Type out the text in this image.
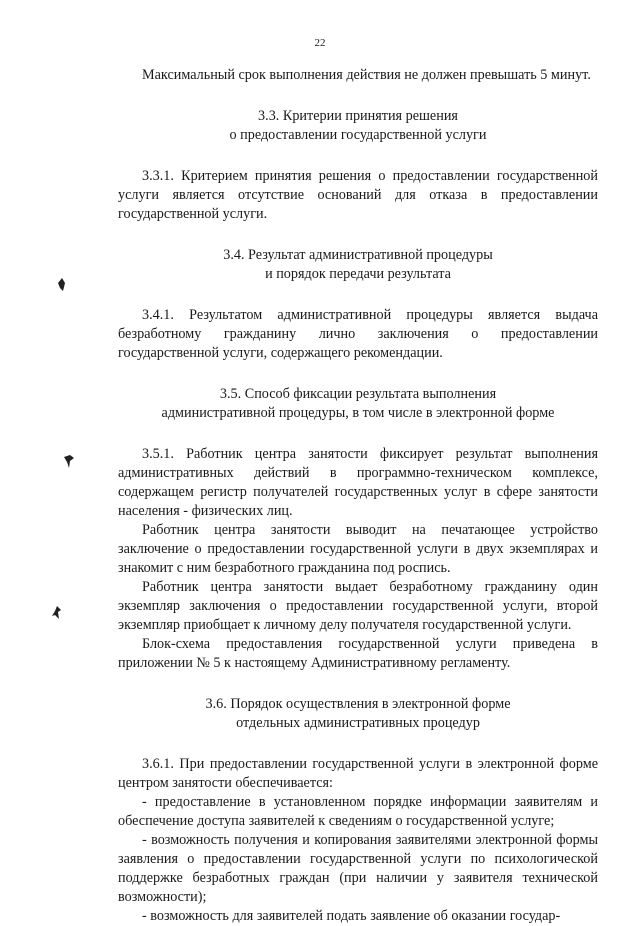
22

Максимальный срок выполнения действия не должен превышать 5 минут.

3.3. Критерии принятия решения
о предоставлении государственной услуги

3.3.1. Критерием принятия решения о предоставлении государственной услуги является отсутствие оснований для отказа в предоставлении государственной услуги.

3.4. Результат административной процедуры
и порядок передачи результата

3.4.1. Результатом административной процедуры является выдача безработному гражданину лично заключения о предоставлении государственной услуги, содержащего рекомендации.

3.5. Способ фиксации результата выполнения
административной процедуры, в том числе в электронной форме

3.5.1. Работник центра занятости фиксирует результат выполнения административных действий в программно-техническом комплексе, содержащем регистр получателей государственных услуг в сфере занятости населения - физических лиц.

Работник центра занятости выводит на печатающее устройство заключение о предоставлении государственной услуги в двух экземплярах и знакомит с ним безработного гражданина под роспись.

Работник центра занятости выдает безработному гражданину один экземпляр заключения о предоставлении государственной услуги, второй экземпляр приобщает к личному делу получателя государственной услуги.

Блок-схема предоставления государственной услуги приведена в приложении № 5 к настоящему Административному регламенту.

3.6. Порядок осуществления в электронной форме
отдельных административных процедур

3.6.1. При предоставлении государственной услуги в электронной форме центром занятости обеспечивается:

- предоставление в установленном порядке информации заявителям и обеспечение доступа заявителей к сведениям о государственной услуге;

- возможность получения и копирования заявителями электронной формы заявления о предоставлении государственной услуги по психологической поддержке безработных граждан (при наличии у заявителя технической возможности);

- возможность для заявителей подать заявление об оказании государ-
